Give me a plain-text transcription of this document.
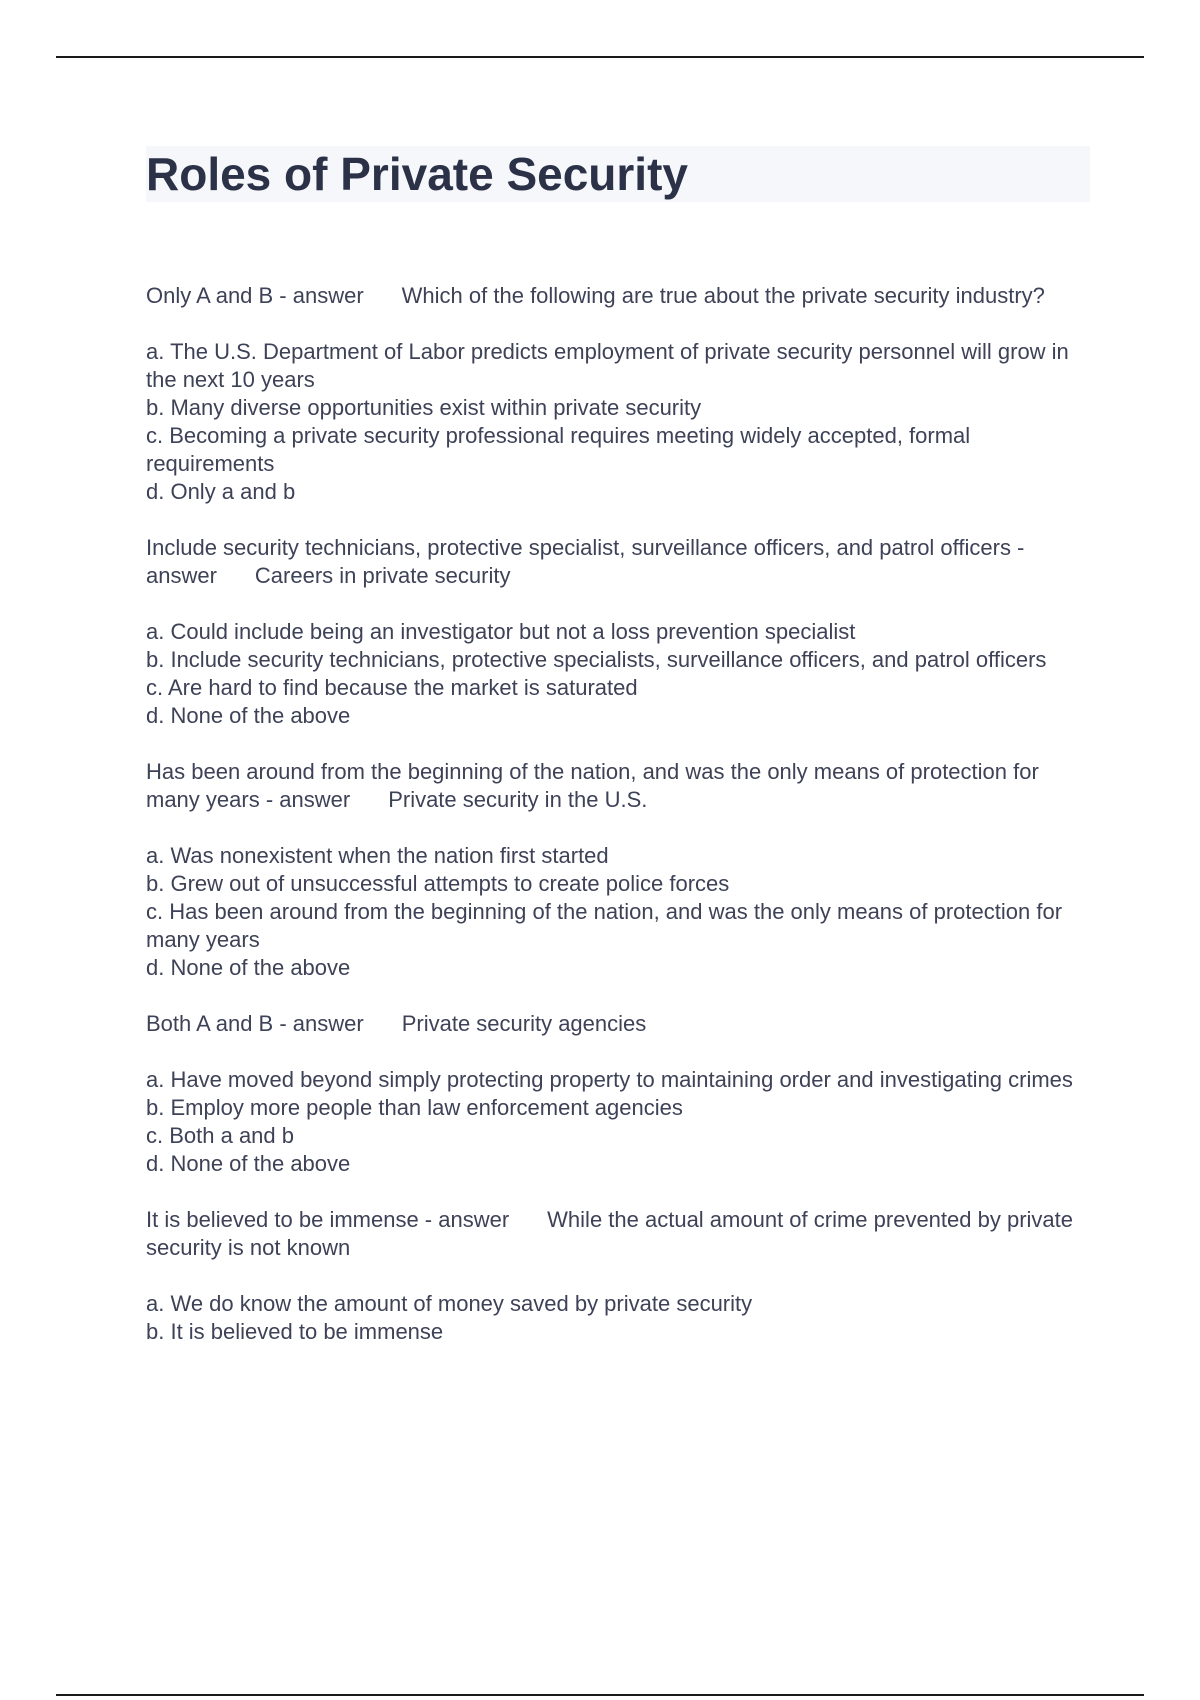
Roles of Private Security

Only A and B - answer Which of the following are true about the private security industry?

a. The U.S. Department of Labor predicts employment of private security personnel will grow in the next 10 years

b. Many diverse opportunities exist within private security

c. Becoming a private security professional requires meeting widely accepted, formal requirements

d. Only a and b

Include security technicians, protective specialist, surveillance officers, and patrol officers - answer Careers in private security

a. Could include being an investigator but not a loss prevention specialist

b. Include security technicians, protective specialists, surveillance officers, and patrol officers

c. Are hard to find because the market is saturated

d. None of the above

Has been around from the beginning of the nation, and was the only means of protection for many years - answer Private security in the U.S.

a. Was nonexistent when the nation first started

b. Grew out of unsuccessful attempts to create police forces

c. Has been around from the beginning of the nation, and was the only means of protection for many years

d. None of the above

Both A and B - answer Private security agencies

a. Have moved beyond simply protecting property to maintaining order and investigating crimes

b. Employ more people than law enforcement agencies

c. Both a and b

d. None of the above

It is believed to be immense - answer While the actual amount of crime prevented by private security is not known

a. We do know the amount of money saved by private security

b. It is believed to be immense
